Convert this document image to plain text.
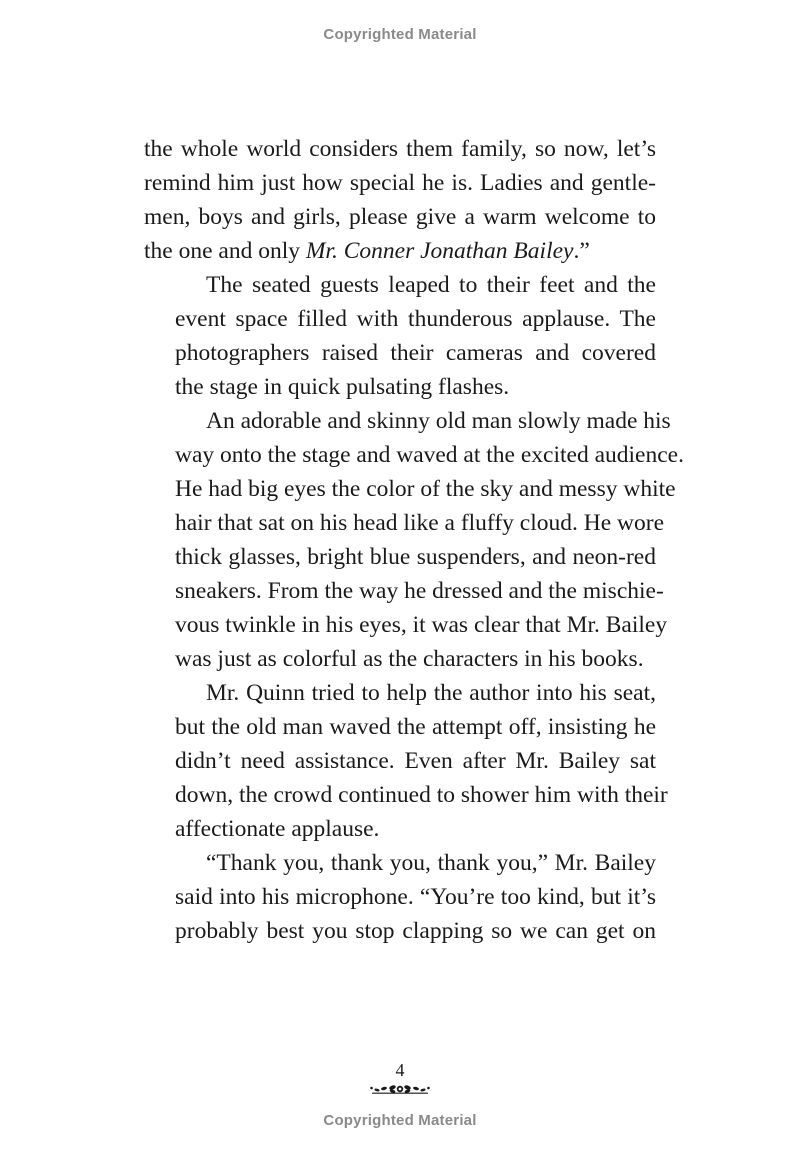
Copyrighted Material

the whole world considers them family, so now, let’s
remind him just how special he is. Ladies and gentle-
men, boys and girls, please give a warm welcome to
the one and only Mr. Conner Jonathan Bailey.”

The seated guests leaped to their feet and the
event space filled with thunderous applause. The
photographers raised their cameras and covered
the stage in quick pulsating flashes.

An adorable and skinny old man slowly made his
way onto the stage and waved at the excited audience.
He had big eyes the color of the sky and messy white
hair that sat on his head like a fluffy cloud. He wore
thick glasses, bright blue suspenders, and neon-red
sneakers. From the way he dressed and the mischie-
vous twinkle in his eyes, it was clear that Mr. Bailey
was just as colorful as the characters in his books.

Mr. Quinn tried to help the author into his seat,
but the old man waved the attempt off, insisting he
didn’t need assistance. Even after Mr. Bailey sat
down, the crowd continued to shower him with their
affectionate applause.

“Thank you, thank you, thank you,” Mr. Bailey
said into his microphone. “You’re too kind, but it’s
probably best you stop clapping so we can get on

4
Copyrighted Material
